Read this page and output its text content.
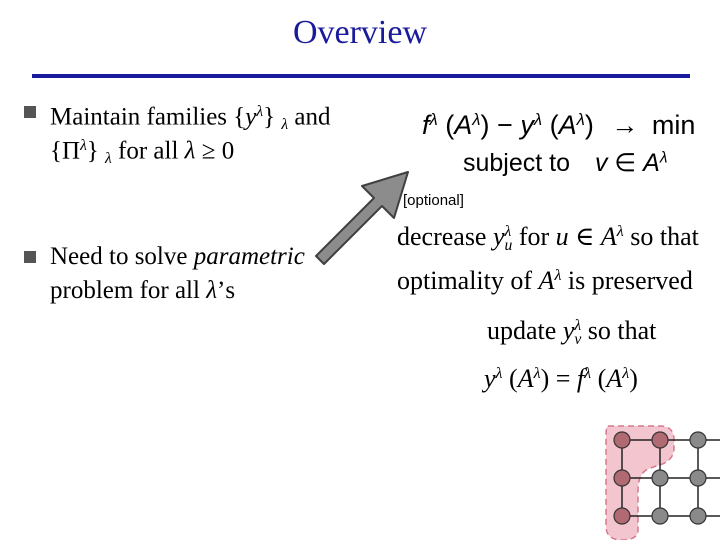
Overview
Maintain families $\{y^\lambda\}$ $_\lambda$ and
$\{\Pi^\lambda\}$ $_\lambda$ for all λ ≥ 0
Need to solve parametric
problem for all λ’s
$f^\lambda$ $(A^\lambda) - y^\lambda$ $(A^\lambda) \to \min$
subject to v ∈ $A^\lambda$
[optional]
decrease yλ
u for u ∈ $A^\lambda$ so that
optimality of $A^\lambda$ is preserved
update yλ
v so that
$y^\lambda$ $(A^\lambda) = f^\lambda$ $(A^\lambda)$
